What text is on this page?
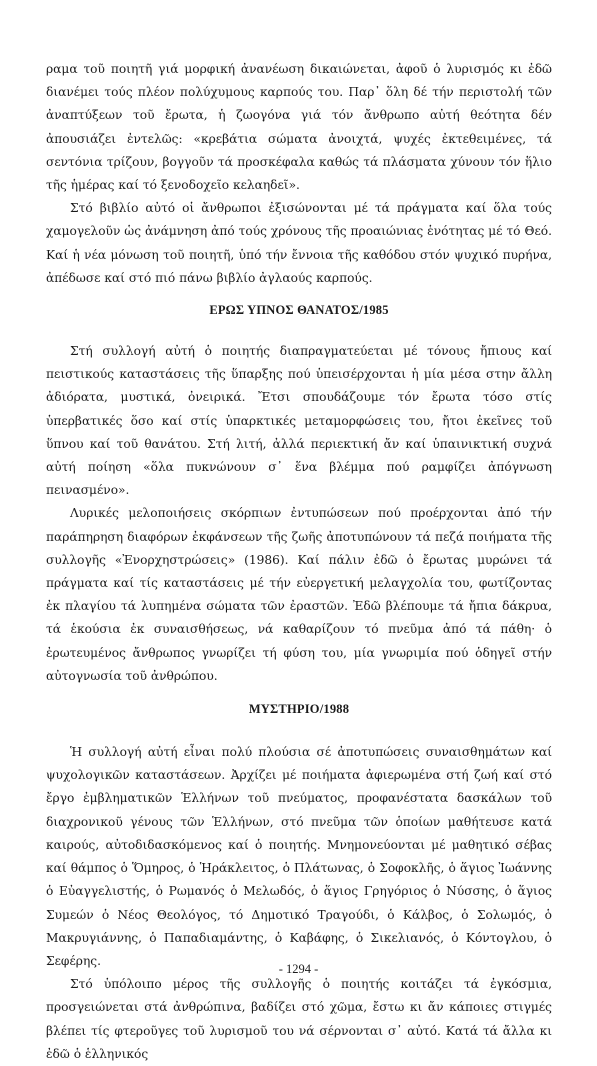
ραμα τοῦ ποιητῆ γιά μορφική ἀνανέωση δικαιώνεται, ἀφοῦ ὁ λυρισμός κι ἐδῶ διανέμει τούς πλέον πολύχυμους καρπούς του. Παρ᾽ ὅλη δέ τήν περιστολή τῶν ἀναπτύξεων τοῦ ἔρωτα, ἡ ζωογόνα γιά τόν ἄνθρωπο αὐτή θεότητα δέν ἀπουσιάζει ἐντελῶς: «κρεβάτια σώματα ἀνοιχτά, ψυχές ἐκτεθειμένες, τά σεντόνια τρίζουν, βογγοῦν τά προσκέφαλα καθώς τά πλάσματα χύνουν τόν ἥλιο τῆς ἡμέρας καί τό ξενοδοχεῖο κελαηδεῖ».

Στό βιβλίο αὐτό οἱ ἄνθρωποι ἐξισώνονται μέ τά πράγματα καί ὅλα τούς χαμογελοῦν ὡς ἀνάμνηση ἀπό τούς χρόνους τῆς προαιώνιας ἑνότητας μέ τό Θεό. Καί ἡ νέα μόνωση τοῦ ποιητῆ, ὑπό τήν ἔννοια τῆς καθόδου στόν ψυχικό πυρήνα, ἀπέδωσε καί στό πιό πάνω βιβλίο ἀγλαούς καρπούς.

ΕΡΩΣ ΥΠΝΟΣ ΘΑΝΑΤΟΣ/1985

Στή συλλογή αὐτή ὁ ποιητής διαπραγματεύεται μέ τόνους ἤπιους καί πειστικούς καταστάσεις τῆς ὕπαρξης πού ὑπεισέρχονται ἡ μία μέσα στην ἄλλη ἀδιόρατα, μυστικά, ὀνειρικά. Ἔτσι σπουδάζουμε τόν ἔρωτα τόσο στίς ὑπερβατικές ὅσο καί στίς ὑπαρκτικές μεταμορφώσεις του, ἤτοι ἐκεῖνες τοῦ ὕπνου καί τοῦ θανάτου. Στή λιτή, ἀλλά περιεκτική ἄν καί ὑπαινικτική συχνά αὐτή ποίηση «ὅλα πυκνώνουν σ᾽ ἕνα βλέμμα πού ραμφίζει ἀπόγνωση πεινασμένο».

Λυρικές μελοποιήσεις σκόρπιων ἐντυπώσεων πού προέρχονται ἀπό τήν παράπηρηση διαφόρων ἐκφάνσεων τῆς ζωῆς ἀποτυπώνουν τά πεζά ποιήματα τῆς συλλογῆς «Ἐνορχηστρώσεις» (1986). Καί πάλιν ἐδῶ ὁ ἔρωτας μυρώνει τά πράγματα καί τίς καταστάσεις μέ τήν εὐεργετική μελαγχολία του, φωτίζοντας ἐκ πλαγίου τά λυπημένα σώματα τῶν ἐραστῶν. Ἐδῶ βλέπουμε τά ἤπια δάκρυα, τά ἑκούσια ἐκ συναισθήσεως, νά καθαρίζουν τό πνεῦμα ἀπό τά πάθη· ὁ ἐρωτευμένος ἄνθρωπος γνωρίζει τή φύση του, μία γνωριμία πού ὁδηγεῖ στήν αὐτογνωσία τοῦ ἀνθρώπου.

ΜΥΣΤΗΡΙΟ/1988

Ἡ συλλογή αὐτή εἶναι πολύ πλούσια σέ ἀποτυπώσεις συναισθημάτων καί ψυχολογικῶν καταστάσεων. Ἀρχίζει μέ ποιήματα ἀφιερωμένα στή ζωή καί στό ἔργο ἐμβληματικῶν Ἑλλήνων τοῦ πνεύματος, προφανέστατα δασκάλων τοῦ διαχρονικοῦ γένους τῶν Ἑλλήνων, στό πνεῦμα τῶν ὁποίων μαθήτευσε κατά καιρούς, αὐτοδιδασκόμενος καί ὁ ποιητής. Μνημονεύονται μέ μαθητικό σέβας καί θάμπος ὁ Ὅμηρος, ὁ Ἡράκλειτος, ὁ Πλάτωνας, ὁ Σοφοκλῆς, ὁ ἅγιος Ἰωάννης ὁ Εὐαγγελιστής, ὁ Ρωμανός ὁ Μελωδός, ὁ ἅγιος Γρηγόριος ὁ Νύσσης, ὁ ἅγιος Συμεών ὁ Νέος Θεολόγος, τό Δημοτικό Τραγούδι, ὁ Κάλβος, ὁ Σολωμός, ὁ Μακρυγιάννης, ὁ Παπαδιαμάντης, ὁ Καβάφης, ὁ Σικελιανός, ὁ Κόντογλου, ὁ Σεφέρης.

Στό ὑπόλοιπο μέρος τῆς συλλογῆς ὁ ποιητής κοιτάζει τά ἐγκόσμια, προσγειώνεται στά ἀνθρώπινα, βαδίζει στό χῶμα, ἔστω κι ἄν κάποιες στιγμές βλέπει τίς φτεροῦγες τοῦ λυρισμοῦ του νά σέρνονται σ᾽ αὐτό. Κατά τά ἄλλα κι ἐδῶ ὁ ἑλληνικός

- 1294 -
